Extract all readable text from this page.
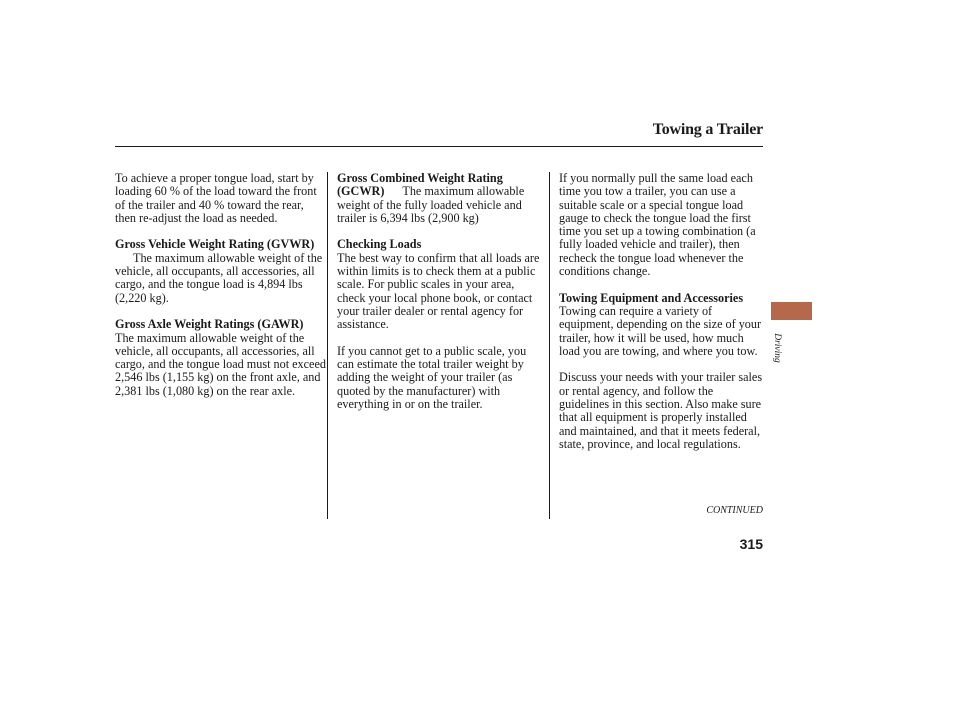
Towing a Trailer

To achieve a proper tongue load, start by loading 60 % of the load toward the front of the trailer and 40 % toward the rear, then re-adjust the load as needed.

Gross Vehicle Weight Rating (GVWR)The maximum allowable weight of the vehicle, all occupants, all accessories, all cargo, and the tongue load is 4,894 lbs (2,220 kg).

Gross Axle Weight Ratings (GAWR)The maximum allowable weight of the vehicle, all occupants, all accessories, all cargo, and the tongue load must not exceed 2,546 lbs (1,155 kg) on the front axle, and 2,381 lbs (1,080 kg) on the rear axle.

Gross Combined Weight Rating (GCWR) The maximum allowable weight of the fully loaded vehicle and trailer is 6,394 lbs (2,900 kg)

Checking Loads

The best way to confirm that all loads are within limits is to check them at a public scale. For public scales in your area, check your local phone book, or contact your trailer dealer or rental agency for assistance.

If you cannot get to a public scale, you can estimate the total trailer weight by adding the weight of your trailer (as quoted by the manufacturer) with everything in or on the trailer.

If you normally pull the same load each time you tow a trailer, you can use a suitable scale or a special tongue load gauge to check the tongue load the first time you set up a towing combination (a fully loaded vehicle and trailer), then recheck the tongue load whenever the conditions change.

Towing Equipment and Accessories

Towing can require a variety of equipment, depending on the size of your trailer, how it will be used, how much load you are towing, and where you tow.

Discuss your needs with your trailer sales or rental agency, and follow the guidelines in this section. Also make sure that all equipment is properly installed and maintained, and that it meets federal, state, province, and local regulations.

Driving
CONTINUED
315
